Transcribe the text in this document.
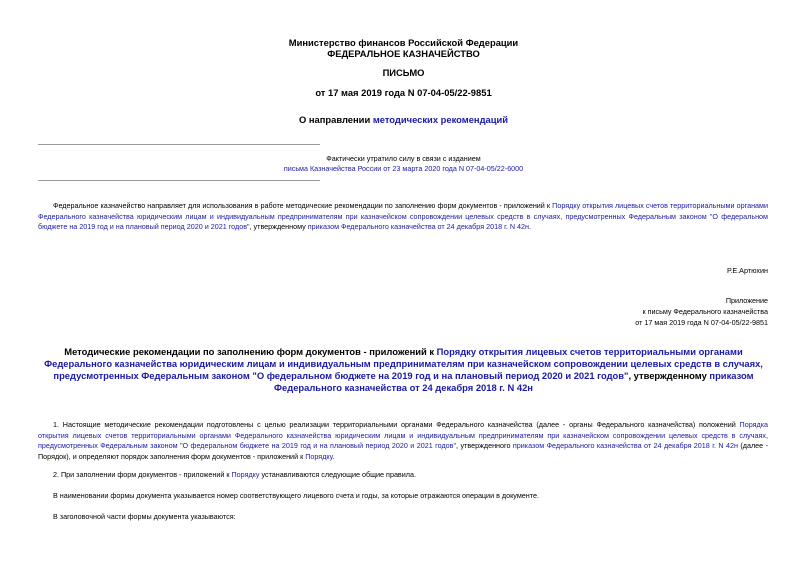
Министерство финансов Российской Федерации
ФЕДЕРАЛЬНОЕ КАЗНАЧЕЙСТВО
ПИСЬМО
от 17 мая 2019 года N 07-04-05/22-9851
О направлении методических рекомендаций
Фактически утратило силу в связи с изданием
письма Казначейства России от 23 марта 2020 года N 07-04-05/22-6000
Федеральное казначейство направляет для использования в работе методические рекомендации по заполнению форм документов - приложений к Порядку открытия лицевых счетов территориальными органами Федерального казначейства юридическим лицам и индивидуальным предпринимателям при казначейском сопровождении целевых средств в случаях, предусмотренных Федеральным законом "О федеральном бюджете на 2019 год и на плановый период 2020 и 2021 годов", утвержденному приказом Федерального казначейства от 24 декабря 2018 г. N 42н.
Р.Е.Артюхин
Приложение
к письму Федерального казначейства
от 17 мая 2019 года N 07-04-05/22-9851
Методические рекомендации по заполнению форм документов - приложений к Порядку открытия лицевых счетов территориальными органами Федерального казначейства юридическим лицам и индивидуальным предпринимателям при казначейском сопровождении целевых средств в случаях, предусмотренных Федеральным законом "О федеральном бюджете на 2019 год и на плановый период 2020 и 2021 годов", утвержденному приказом Федерального казначейства от 24 декабря 2018 г. N 42н
1. Настоящие методические рекомендации подготовлены с целью реализации территориальными органами Федерального казначейства (далее - органы Федерального казначейства) положений Порядка открытия лицевых счетов территориальными органами Федерального казначейства юридическим лицам и индивидуальным предпринимателям при казначейском сопровождении целевых средств в случаях, предусмотренных Федеральным законом "О федеральном бюджете на 2019 год и на плановый период 2020 и 2021 годов", утвержденного приказом Федерального казначейства от 24 декабря 2018 г. N 42н (далее - Порядок), и определяют порядок заполнения форм документов - приложений к Порядку.
2. При заполнении форм документов - приложений к Порядку устанавливаются следующие общие правила.
В наименовании формы документа указывается номер соответствующего лицевого счета и годы, за которые отражаются операции в документе.
В заголовочной части формы документа указываются:
